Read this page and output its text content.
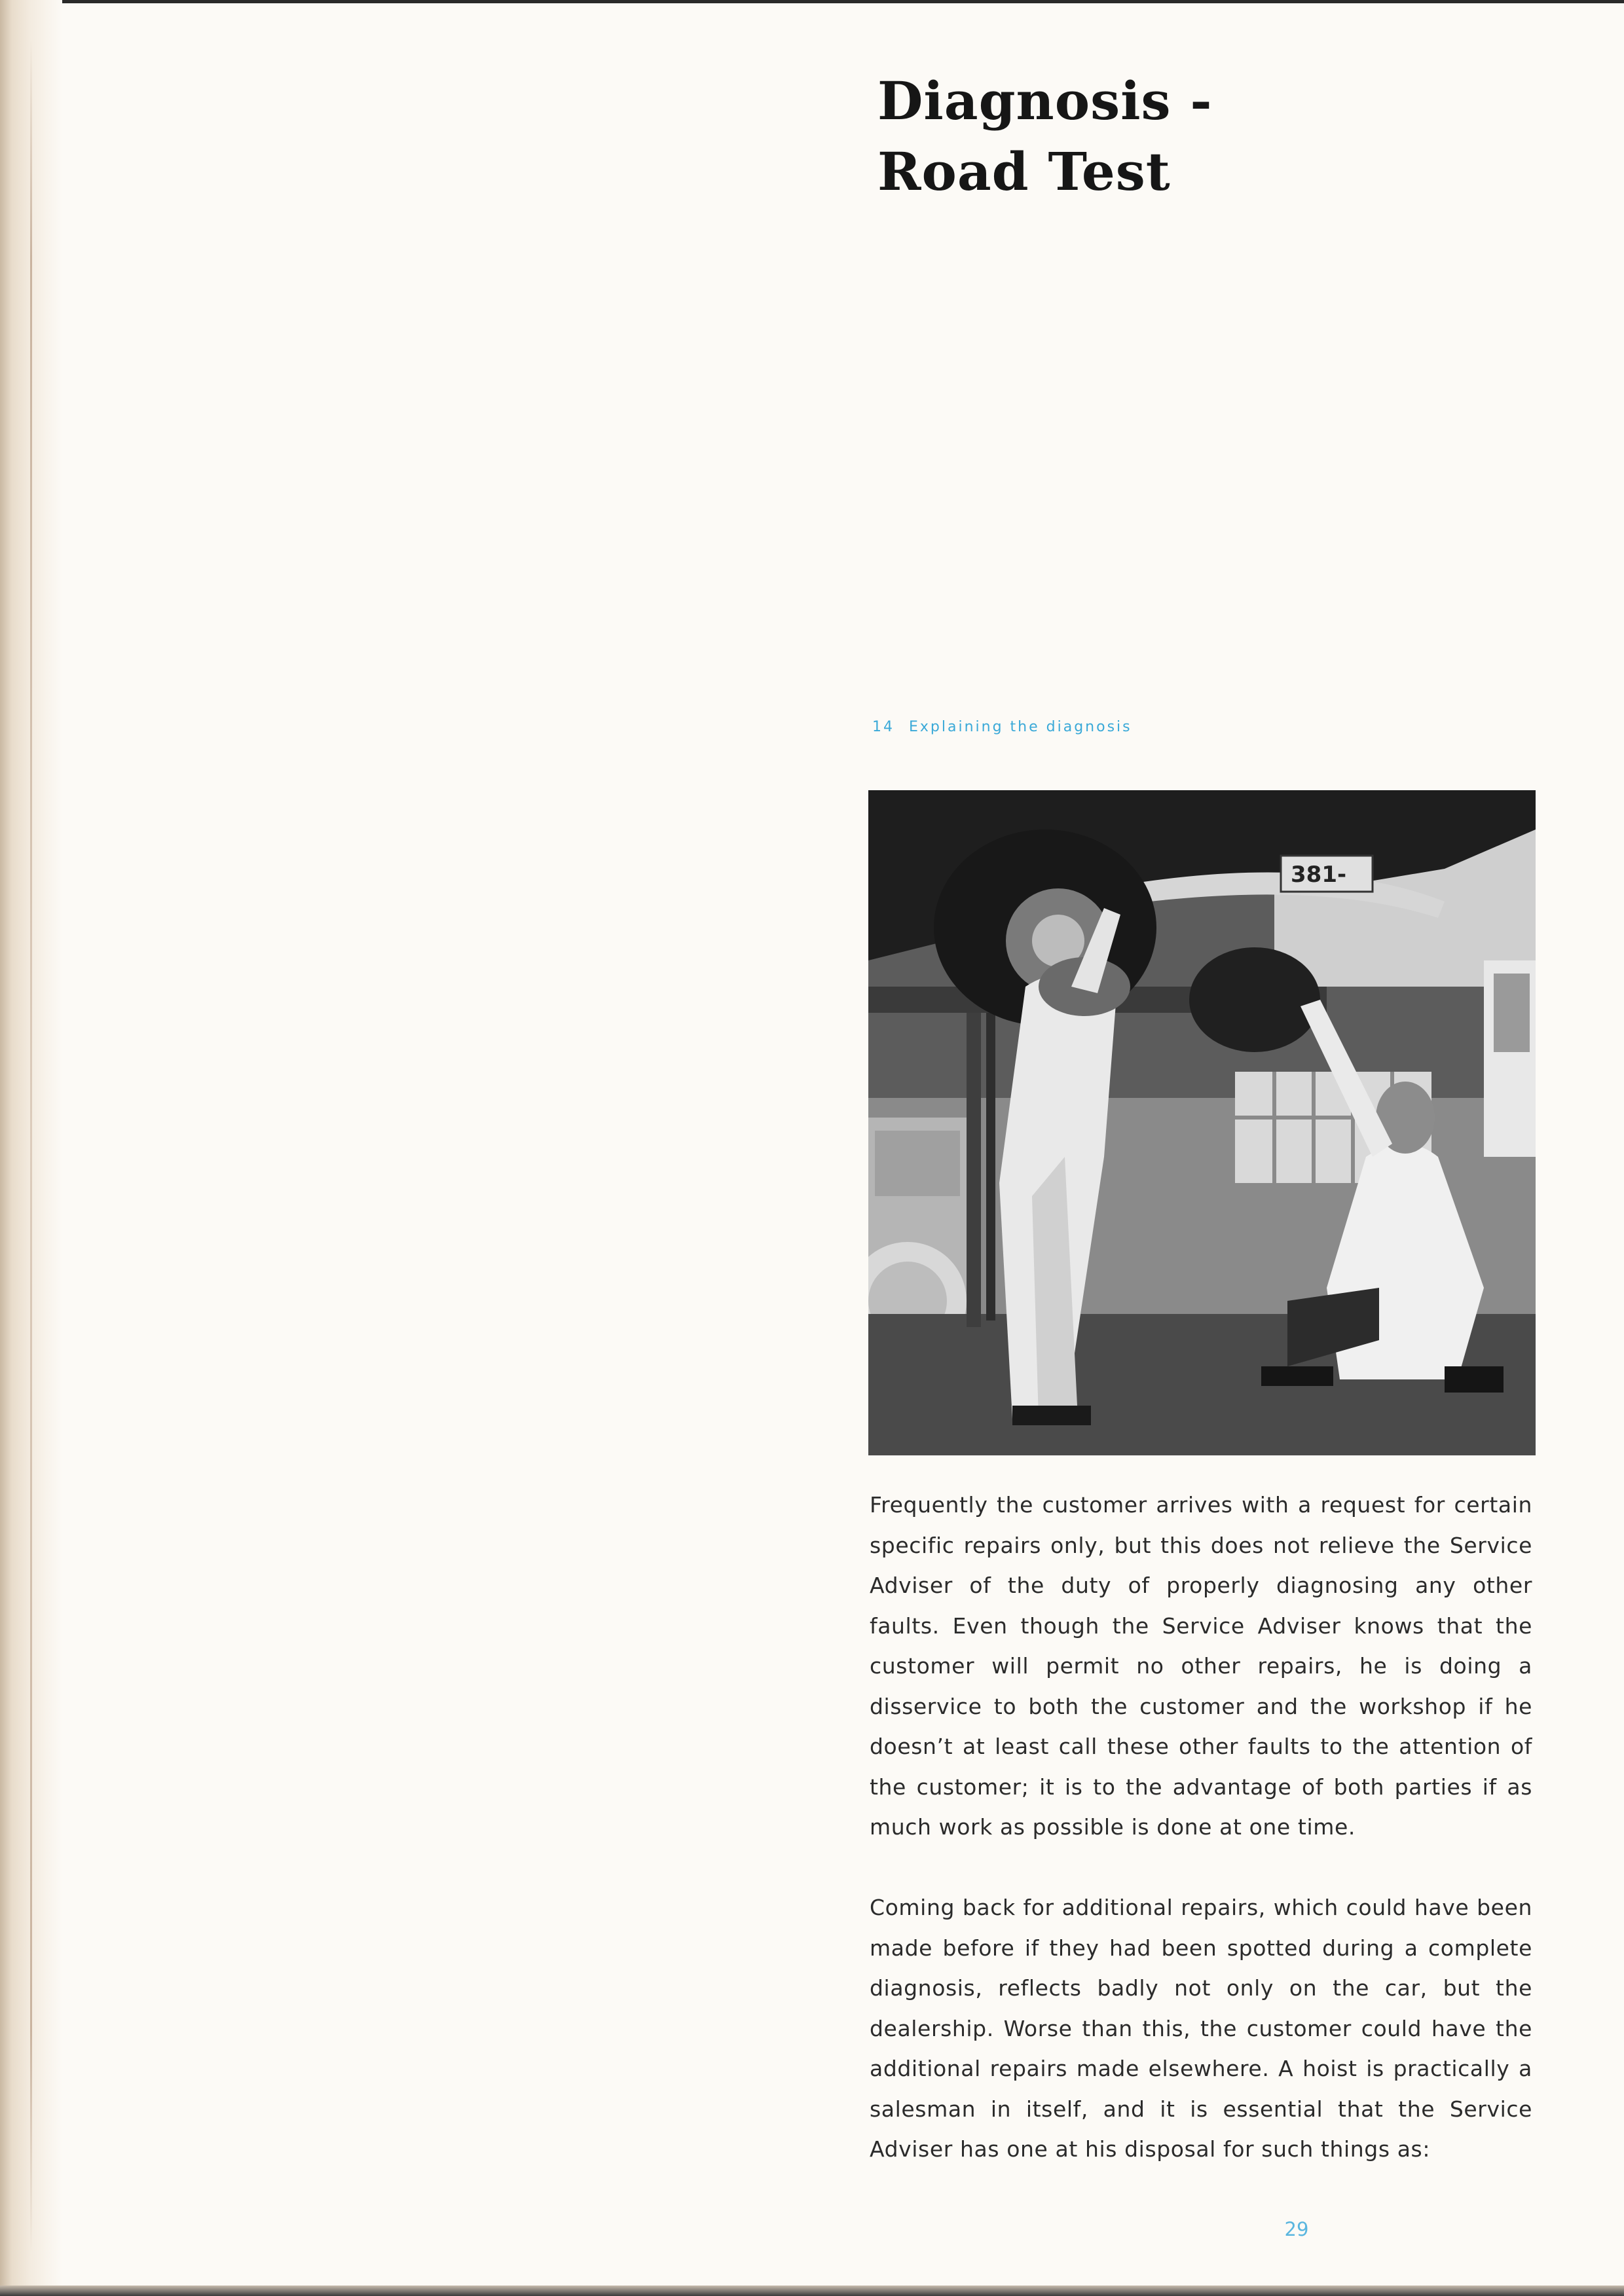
Diagnosis -
Road Test
14 Explaining the diagnosis
381-

Frequently the customer arrives with a request for certain specific repairs only, but this does not relieve the Service Adviser of the duty of properly diagnosing any other faults. Even though the Service Adviser knows that the customer will permit no other repairs, he is doing a disservice to both the customer and the workshop if he doesn’t at least call these other faults to the attention of the customer; it is to the advantage of both parties if as much work as possible is done at one time.

Coming back for additional repairs, which could have been made before if they had been spotted during a complete diagnosis, reflects badly not only on the car, but the dealership. Worse than this, the customer could have the additional repairs made elsewhere. A hoist is practically a salesman in itself, and it is essential that the Service Adviser has one at his disposal for such things as:

29
